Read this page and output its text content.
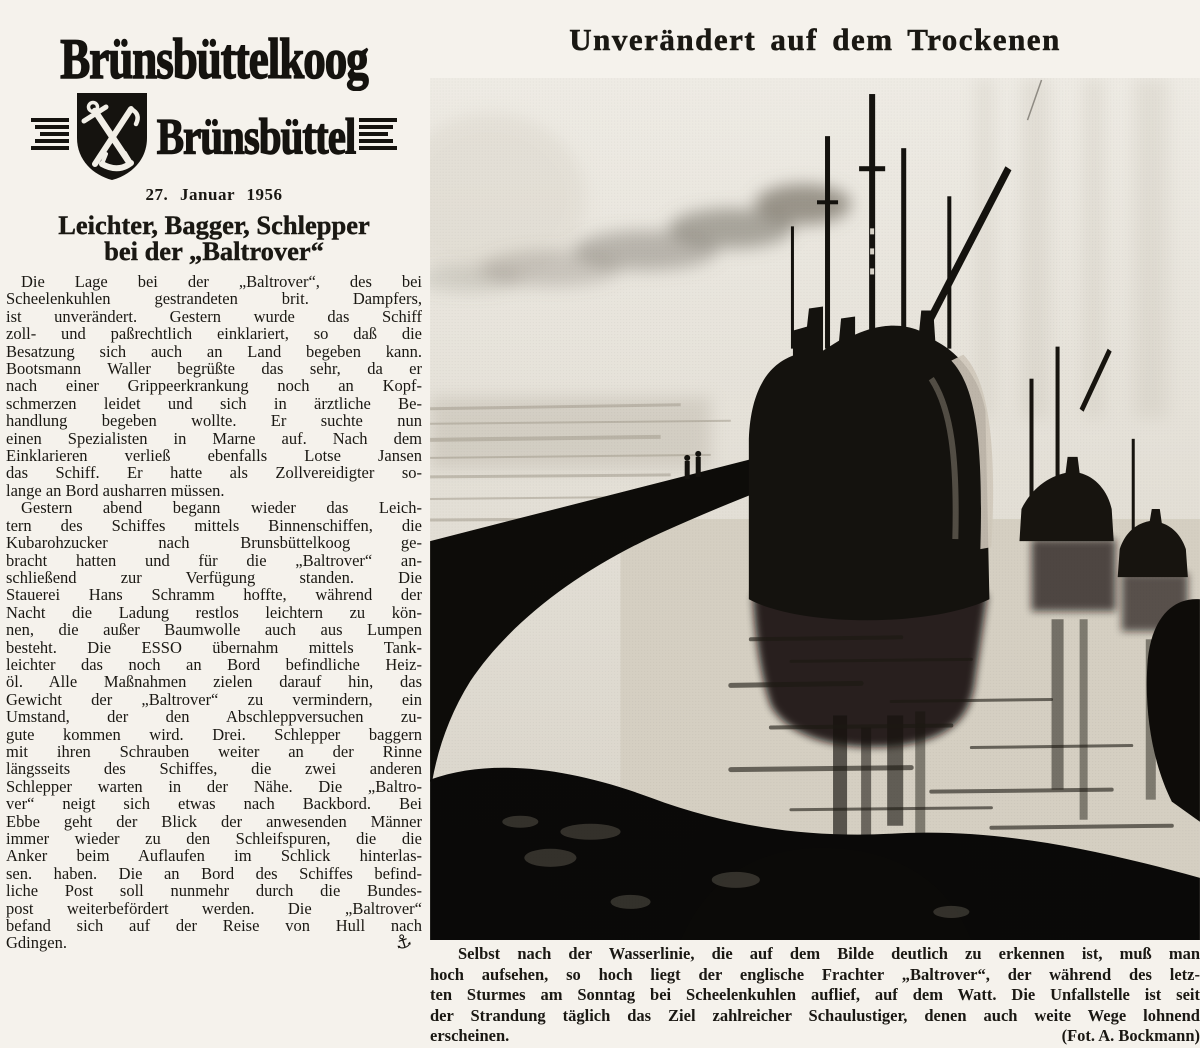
Brünsbüttelkoog
Brünsbüttel
27. Januar 1956
Leichter, Bagger, Schlepper
bei der „Baltrover“
Die Lage bei der „Baltrover“, des bei
Scheelenkuhlen gestrandeten brit. Dampfers,
ist unverändert. Gestern wurde das Schiff
zoll- und paßrechtlich einklariert, so daß die
Besatzung sich auch an Land begeben kann.
Bootsmann Waller begrüßte das sehr, da er
nach einer Grippeerkrankung noch an Kopf-
schmerzen leidet und sich in ärztliche Be-
handlung begeben wollte. Er suchte nun
einen Spezialisten in Marne auf. Nach dem
Einklarieren verließ ebenfalls Lotse Jansen
das Schiff. Er hatte als Zollvereidigter so-
lange an Bord ausharren müssen.
Gestern abend begann wieder das Leich-
tern des Schiffes mittels Binnenschiffen, die
Kubarohzucker nach Brunsbüttelkoog ge-
bracht hatten und für die „Baltrover“ an-
schließend zur Verfügung standen. Die
Stauerei Hans Schramm hoffte, während der
Nacht die Ladung restlos leichtern zu kön-
nen, die außer Baumwolle auch aus Lumpen
besteht. Die ESSO übernahm mittels Tank-
leichter das noch an Bord befindliche Heiz-
öl. Alle Maßnahmen zielen darauf hin, das
Gewicht der „Baltrover“ zu vermindern, ein
Umstand, der den Abschleppversuchen zu-
gute kommen wird. Drei. Schlepper baggern
mit ihren Schrauben weiter an der Rinne
längsseits des Schiffes, die zwei anderen
Schlepper warten in der Nähe. Die „Baltro-
ver“ neigt sich etwas nach Backbord. Bei
Ebbe geht der Blick der anwesenden Männer
immer wieder zu den Schleifspuren, die die
Anker beim Auflaufen im Schlick hinterlas-
sen. haben. Die an Bord des Schiffes befind-
liche Post soll nunmehr durch die Bundes-
post weiterbefördert werden. Die „Baltrover“
befand sich auf der Reise von Hull nach
Gdingen.	⚓
Unverändert auf dem Trockenen
Selbst nach der Wasserlinie, die auf dem Bilde deutlich zu erkennen ist, muß man
hoch aufsehen, so hoch liegt der englische Frachter „Baltrover“, der während des letz-
ten Sturmes am Sonntag bei Scheelenkuhlen auflief, auf dem Watt. Die Unfallstelle ist seit
der Strandung täglich das Ziel zahlreicher Schaulustiger, denen auch weite Wege lohnend
erscheinen.	(Fot. A. Bockmann)
